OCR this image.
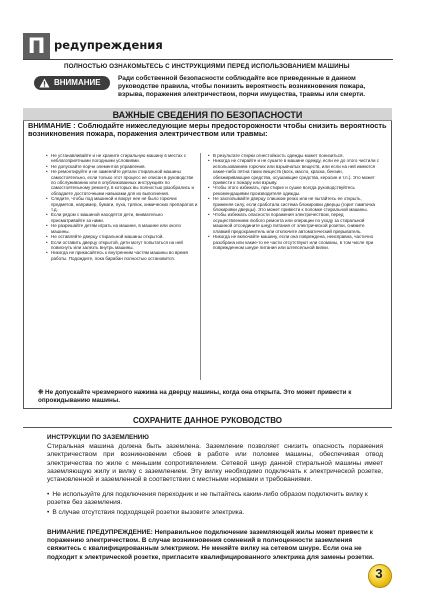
П редупреждения
ПОЛНОСТЬЮ ОЗНАКОМЬТЕСЬ С ИНСТРУКЦИЯМИ ПЕРЕД ИСПОЛЬЗОВАНИЕМ МАШИНЫ
ВНИМАНИЕ	Ради собственной безопасности соблюдайте все приведенные в данном руководстве правила, чтобы понизить вероятность возникновения пожара, взрыва, поражения электричеством, порчи имущества, травмы или смерти.
ВАЖНЫЕ СВЕДЕНИЯ ПО БЕЗОПАСНОСТИ
ВНИМАНИЕ : Соблюдайте нижеследующие меры предосторожности чтобы снизить вероятность возникновения пожара, поражения электричеством или травмы:
• Не устанавливайте и не храните стиральную машину в местах с неблагоприятными погодными условиями.
• Не допускайте порчи элементов управления.
• Не ремонтируйте и не заменяйте детали стиральной машины самостоятельно, если только этот процесс не описан в руководстве по обслуживанию или в опубликованных инструкциях по самостоятельному ремонту, в которых вы полностью разобрались и обладаете достаточными навыками для их выполнения.
• Следите, чтобы под машиной и вокруг нее не было горючих предметов, например, бумаги, пуха, тряпок, химических препаратов и т.д.
• Если рядом с машиной находятся дети, внимательно присматривайте за ними.
• Не разрешайте детям играть на машине, в машине или около машины.
• Не оставляйте дверцу стиральной машины открытой.
• Если оставить дверцу открытой, дети могут попытаться на ней повиснуть или залезть внутрь машины.
• Никогда не прикасайтесь к внутренним частям машины во время работы. Подождите, пока барабан полностью остановится.
• В результате стирки огнестойкость одежды может понизиться.
• Никогда не стирайте и не сушите в машине одежду, если ее до этого чистили с использованием горючих или взрывчатых веществ, или если на ней имеются какие-либо пятна таких веществ (воск, масло, краска, бензин, обезжиривающие средства, осушающие средства, керосин и т.п.). Это может привести к пожару или взрыву.
• Чтобы этого избежать, при стирке и сушке всегда руководствуйтесь рекомендациями производителя одежды.
• Не захлопывайте дверцу слишком резко или не пытайтесь ее открыть, применяя силу, если сработала система блокировки дверцы (горит лампочка блокировки дверцы). Это может привести к поломке стиральной машины.
• Чтобы избежать опасности поражения электричеством, перед осуществлением любого ремонта или операции по уходу за стиральной машиной отсоедините шнур питания от электрической розетки, снимите плавкий предохранитель или отключите автоматический прерыватель.
• Никогда не включайте машину, если она повреждена, неисправна, частично разобрана или какие-то ее части отсутствуют или сломаны, в том числе при поврежденном шнуре питания или штепсельной вилки.
❊ Не допускайте чрезмерного нажима на дверцу машины, когда она открыта. Это может привести к опрокидыванию машины.
СОХРАНИТЕ ДАННОЕ РУКОВОДСТВО
ИНСТРУКЦИИ ПО ЗАЗЕМЛЕНИЮ
Стиральная машина должна быть заземлена. Заземление позволяет снизить опасность поражения электричеством при возникновении сбоев в работе или поломке машины, обеспечивая отвод электричества по жиле с меньшим сопротивлением. Сетевой шнур данной стиральной машины имеет заземляющую жилу и вилку с заземлением. Эту вилку необходимо подключать к электрической розетке, установленной и заземленной в соответствии с местными нормами и требованиями.
• Не используйте для подключения переходник и не пытайтесь каким-либо образом подключить вилку к розетке без заземления.
• В случае отсутствия подходящей розетки вызовите электрика.
ВНИМАНИЕ ПРЕДУПРЕЖДЕНИЕ: Неправильное подключение заземляющей жилы может привести к поражению электричеством. В случае возникновения сомнений в полноценности заземления свяжитесь с квалифицированным электриком. Не меняйте вилку на сетевом шнуре. Если она не подходит к электрической розетке, пригласите квалифицированного электрика для замены розетки.
3
